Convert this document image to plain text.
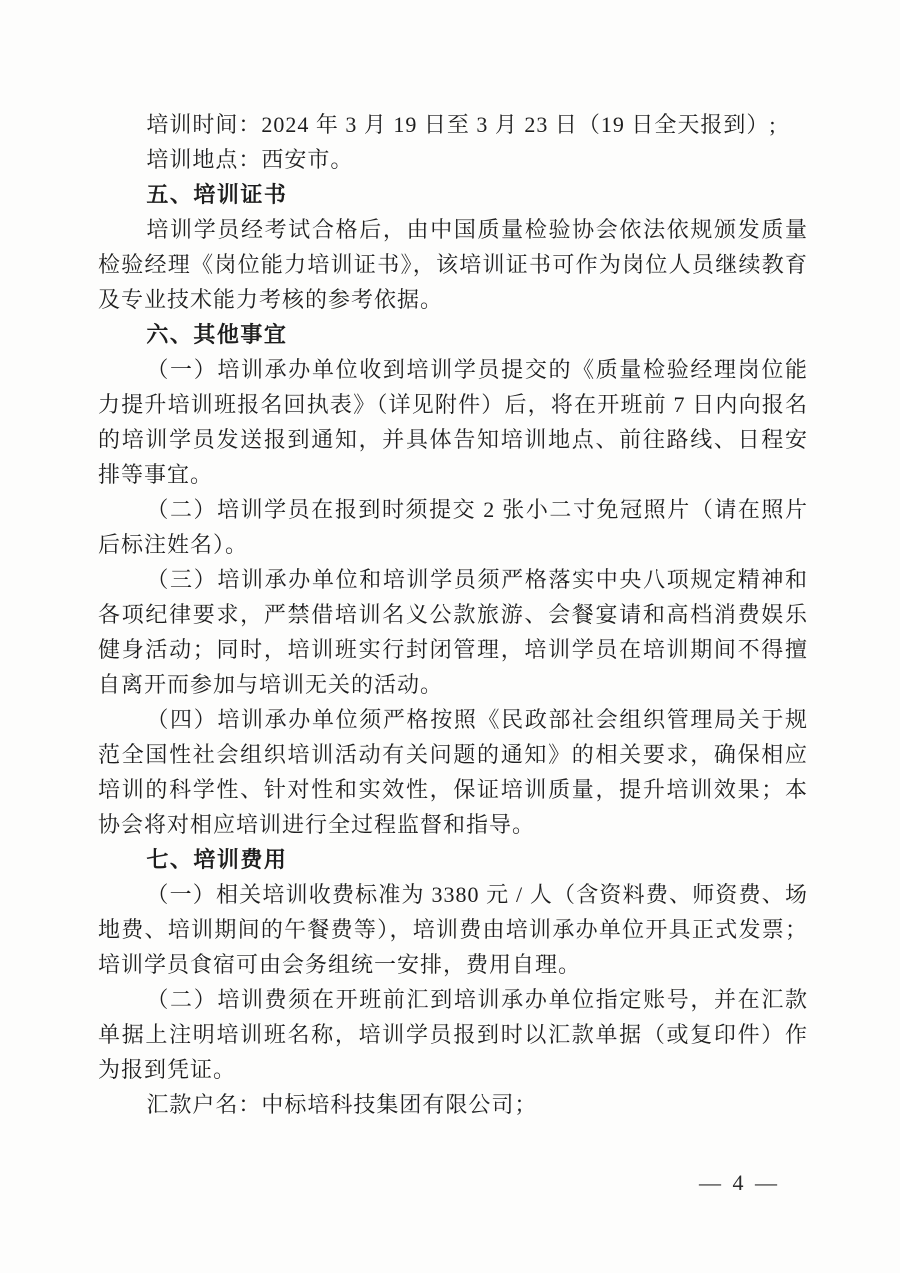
培训时间：2024 年 3 月 19 日至 3 月 23 日（19 日全天报到）;

培训地点：西安市。

五、培训证书

培训学员经考试合格后，由中国质量检验协会依法依规颁发质量检验经理《岗位能力培训证书》，该培训证书可作为岗位人员继续教育及专业技术能力考核的参考依据。

六、其他事宜

（一）培训承办单位收到培训学员提交的《质量检验经理岗位能力提升培训班报名回执表》（详见附件）后，将在开班前 7 日内向报名的培训学员发送报到通知，并具体告知培训地点、前往路线、日程安排等事宜。

（二）培训学员在报到时须提交 2 张小二寸免冠照片（请在照片后标注姓名）。

（三）培训承办单位和培训学员须严格落实中央八项规定精神和各项纪律要求，严禁借培训名义公款旅游、会餐宴请和高档消费娱乐健身活动；同时，培训班实行封闭管理，培训学员在培训期间不得擅自离开而参加与培训无关的活动。

（四）培训承办单位须严格按照《民政部社会组织管理局关于规范全国性社会组织培训活动有关问题的通知》的相关要求，确保相应培训的科学性、针对性和实效性，保证培训质量，提升培训效果；本协会将对相应培训进行全过程监督和指导。

七、培训费用

（一）相关培训收费标准为 3380 元 / 人（含资料费、师资费、场地费、培训期间的午餐费等），培训费由培训承办单位开具正式发票；培训学员食宿可由会务组统一安排，费用自理。

（二）培训费须在开班前汇到培训承办单位指定账号，并在汇款单据上注明培训班名称，培训学员报到时以汇款单据（或复印件）作为报到凭证。

汇款户名：中标培科技集团有限公司；

— 4 —
